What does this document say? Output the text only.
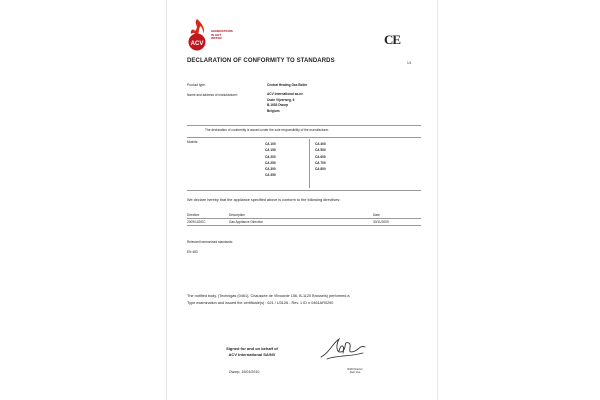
ACV
GENERATIONS IN HOT WATER	CE
1/1
DECLARATION OF CONFORMITY TO STANDARDS
Product type:	Central Heating Gas Boiler
Name and address of manufacturer:	ACV International sa-nv
Oude Vijverweg, 6
B-1653 Dworp
Belgium
The declaration of conformity is issued under the sole responsibility of the manufacturer.
Models:	CA 100
CA 150
CA 200
CA 250
CA 300
CA 350
CA 400
CA 500
CA 600
CA 700
CA 800
We declare hereby that the appliance specified above is conform to the following directives:
Directive	Description	Date
2009/142/EC	Gas Appliance Directive	30/11/2009
Relevant harmonised standards:
EN 483
The notified body, (Technigas (0461), Chaussée de Vilvoorde 156, B-1120 Brussels) performed a
Type examination and issued the certificate(s) : 621 / U3126 - Rev. 1 ID n 0461AR0290
Signed for and on behalf of
ACV International SA/NV
Dworp, 15/01/2010
R&D Director
Sam Veo
